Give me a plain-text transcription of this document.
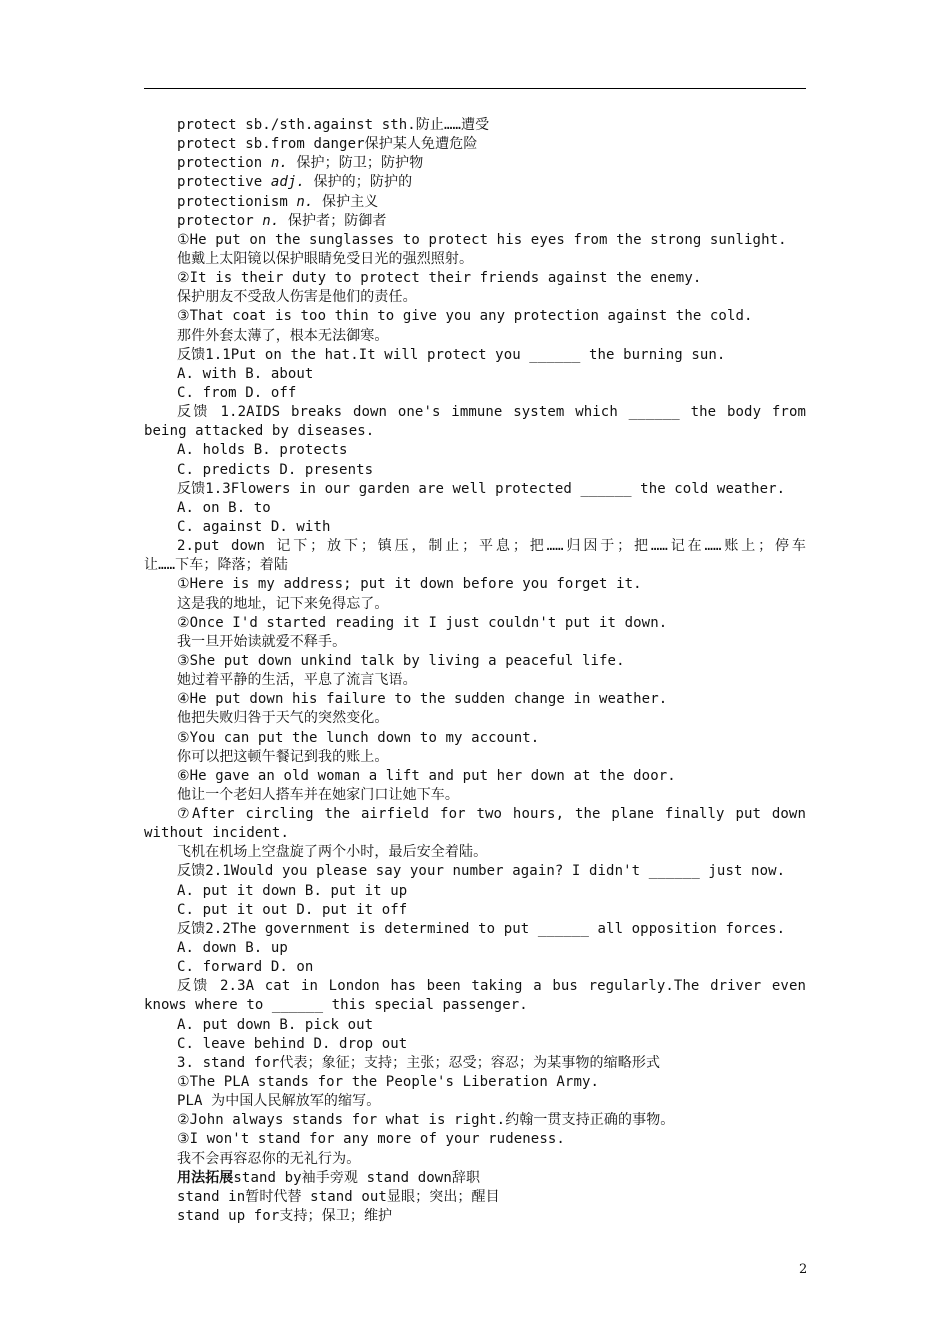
protect sb./sth.against sth.防止……遭受
protect sb.from danger保护某人免遭危险
protection n. 保护；防卫；防护物
protective adj. 保护的；防护的
protectionism n. 保护主义
protector n. 保护者；防御者
①He put on the sunglasses to protect his eyes from the strong sunlight.
他戴上太阳镜以保护眼睛免受日光的强烈照射。
②It is their duty to protect their friends against the enemy.
保护朋友不受敌人伤害是他们的责任。
③That coat is too thin to give you any protection against the cold.
那件外套太薄了，根本无法御寒。
反馈1.1Put on the hat.It will protect you ______ the burning sun.
A. with B. about
C. from D. off
反馈 1.2AIDS breaks down one's immune system which ______ the body from
being attacked by diseases.
A. holds B. protects
C. predicts D. presents
反馈1.3Flowers in our garden are well protected ______ the cold weather.
A. on B. to
C. against D. with
2.put down 记下；放下；镇压，制止；平息；把……归因于；把……记在……账上；停车
让……下车；降落；着陆
①Here is my address; put it down before you forget it.
这是我的地址，记下来免得忘了。
②Once I'd started reading it I just couldn't put it down.
我一旦开始读就爱不释手。
③She put down unkind talk by living a peaceful life.
她过着平静的生活，平息了流言飞语。
④He put down his failure to the sudden change in weather.
他把失败归咎于天气的突然变化。
⑤You can put the lunch down to my account.
你可以把这顿午餐记到我的账上。
⑥He gave an old woman a lift and put her down at the door.
他让一个老妇人搭车并在她家门口让她下车。
⑦After circling the airfield for two hours, the plane finally put down
without incident.
飞机在机场上空盘旋了两个小时，最后安全着陆。
反馈2.1Would you please say your number again? I didn't ______ just now.
A. put it down B. put it up
C. put it out D. put it off
反馈2.2The government is determined to put ______ all opposition forces.
A. down B. up
C. forward D. on
反馈 2.3A cat in London has been taking a bus regularly.The driver even
knows where to ______ this special passenger.
A. put down B. pick out
C. leave behind D. drop out
3. stand for代表；象征；支持；主张；忍受；容忍；为某事物的缩略形式
①The PLA stands for the People's Liberation Army.
PLA 为中国人民解放军的缩写。
②John always stands for what is right.约翰一贯支持正确的事物。
③I won't stand for any more of your rudeness.
我不会再容忍你的无礼行为。
用法拓展stand by袖手旁观 stand down辞职
stand in暂时代替 stand out显眼；突出；醒目
stand up for支持；保卫；维护
2
